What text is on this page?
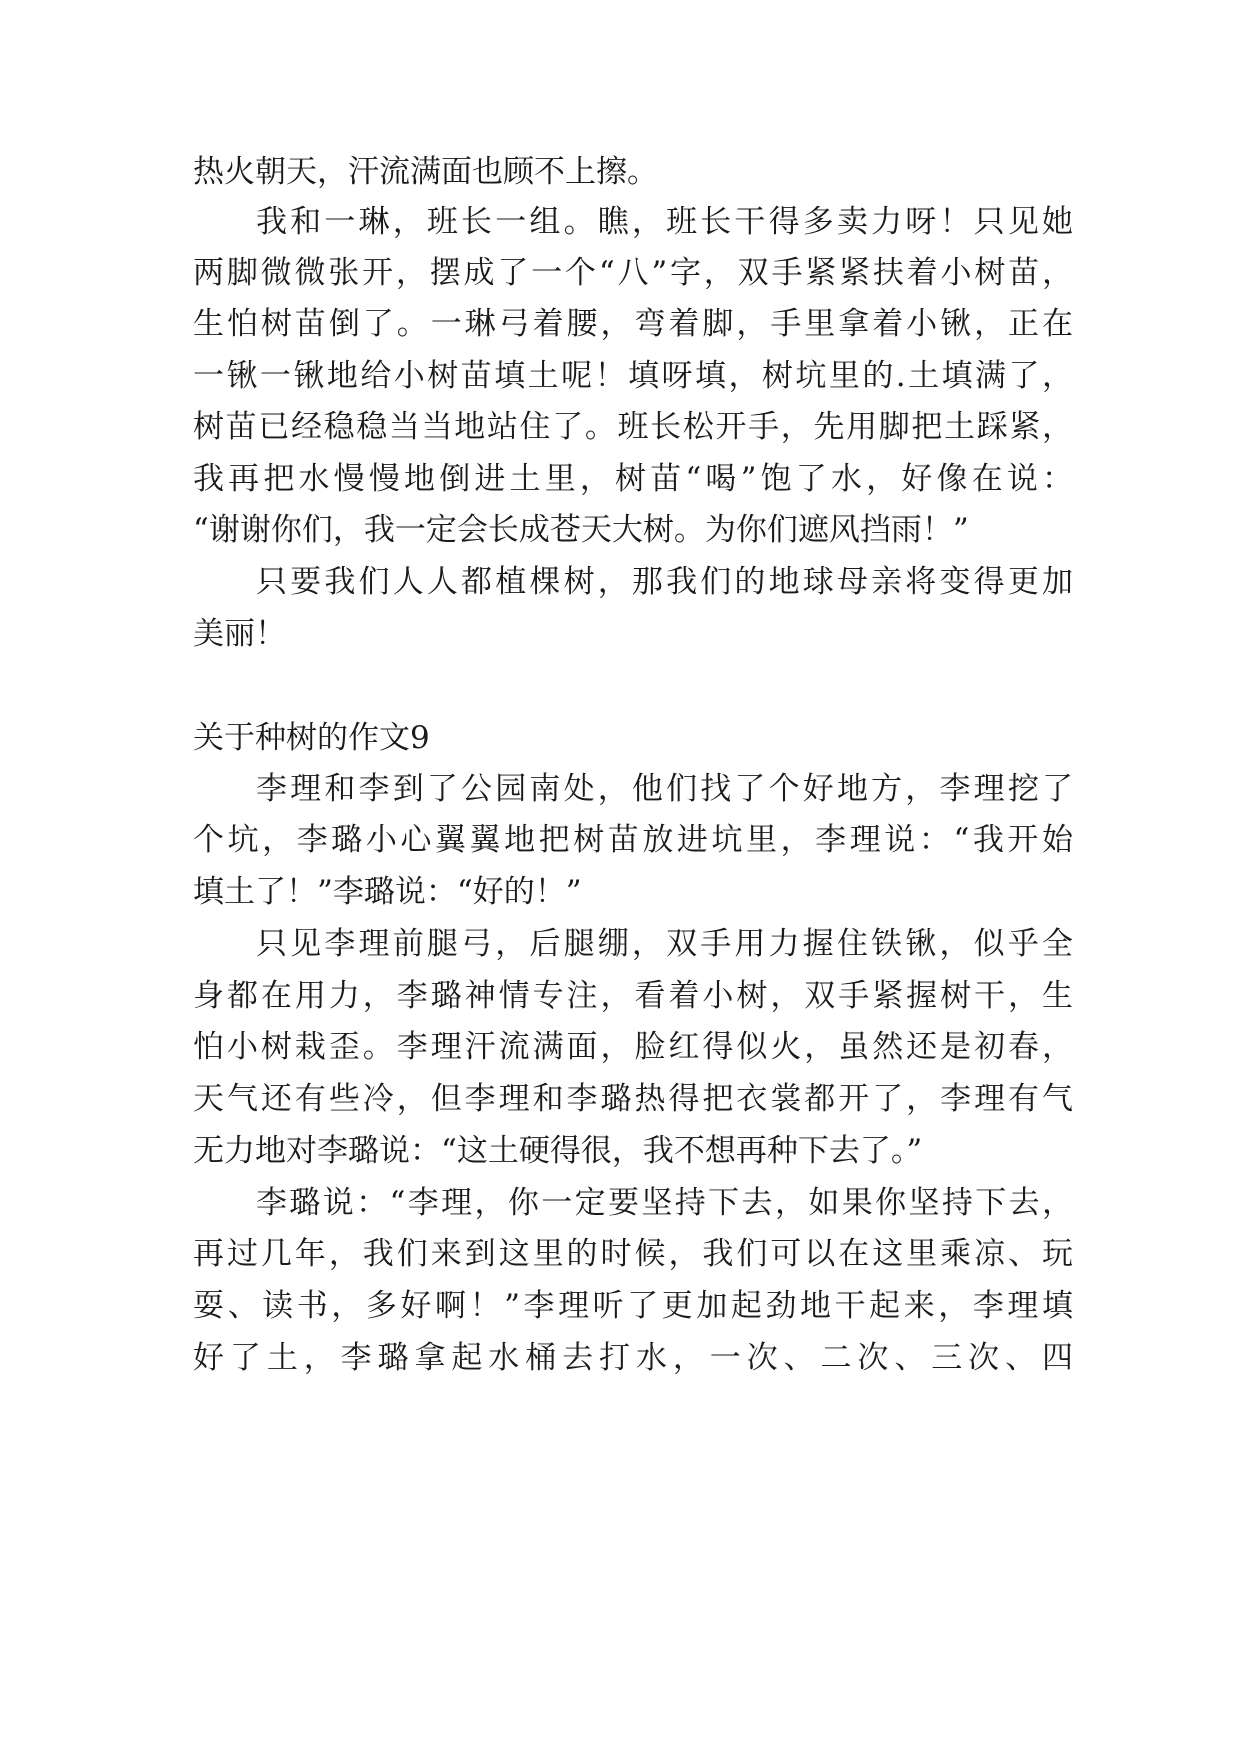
热火朝天，汗流满面也顾不上擦。
我和一琳，班长一组。瞧，班长干得多卖力呀！只见她
两脚微微张开，摆成了一个“八”字，双手紧紧扶着小树苗，
生怕树苗倒了。一琳弓着腰，弯着脚，手里拿着小锹，正在
一锹一锹地给小树苗填土呢！填呀填，树坑里的.土填满了，
树苗已经稳稳当当地站住了。班长松开手，先用脚把土踩紧，
我再把水慢慢地倒进土里，树苗“喝”饱了水，好像在说：
“谢谢你们，我一定会长成苍天大树。为你们遮风挡雨！”
只要我们人人都植棵树，那我们的地球母亲将变得更加
美丽！
关于种树的作文9
李理和李到了公园南处，他们找了个好地方，李理挖了
个坑，李璐小心翼翼地把树苗放进坑里，李理说：“我开始
填土了！”李璐说：“好的！”
只见李理前腿弓，后腿绷，双手用力握住铁锹，似乎全
身都在用力，李璐神情专注，看着小树，双手紧握树干，生
怕小树栽歪。李理汗流满面，脸红得似火，虽然还是初春，
天气还有些冷，但李理和李璐热得把衣裳都开了，李理有气
无力地对李璐说：“这土硬得很，我不想再种下去了。”
李璐说：“李理，你一定要坚持下去，如果你坚持下去，
再过几年，我们来到这里的时候，我们可以在这里乘凉、玩
耍、读书，多好啊！”李理听了更加起劲地干起来，李理填
好了土，李璐拿起水桶去打水，一次、二次、三次、四
